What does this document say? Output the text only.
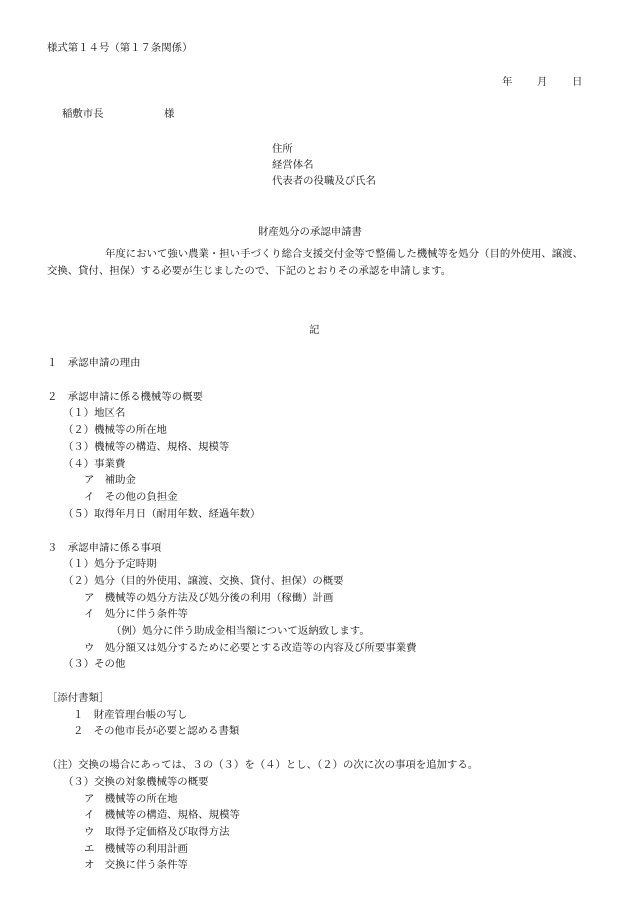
様式第１４号（第１７条関係）
年 月 日
稲敷市長	様
住所
経営体名
代表者の役職及び氏名
財産処分の承認申請書
年度において強い農業・担い手づくり総合支援交付金等で整備した機械等を処分（目的外使用、譲渡、交換、貸付、担保）する必要が生じましたので、下記のとおりその承認を申請します。
記
１　承認申請の理由
２　承認申請に係る機械等の概要
（１）地区名
（２）機械等の所在地
（３）機械等の構造、規格、規模等
（４）事業費
ア　補助金
イ　その他の負担金
（５）取得年月日（耐用年数、経過年数）
３　承認申請に係る事項
（１）処分予定時期
（２）処分（目的外使用、譲渡、交換、貸付、担保）の概要
ア　機械等の処分方法及び処分後の利用（稼働）計画
イ　処分に伴う条件等
（例）処分に伴う助成金相当額について返納致します。
ウ　処分額又は処分するために必要とする改造等の内容及び所要事業費
（３）その他
［添付書類］
１　財産管理台帳の写し
２　その他市長が必要と認める書類
（注）交換の場合にあっては、３の（３）を（４）とし、（２）の次に次の事項を追加する。
（３）交換の対象機械等の概要
ア　機械等の所在地
イ　機械等の構造、規格、規模等
ウ　取得予定価格及び取得方法
エ　機械等の利用計画
オ　交換に伴う条件等
